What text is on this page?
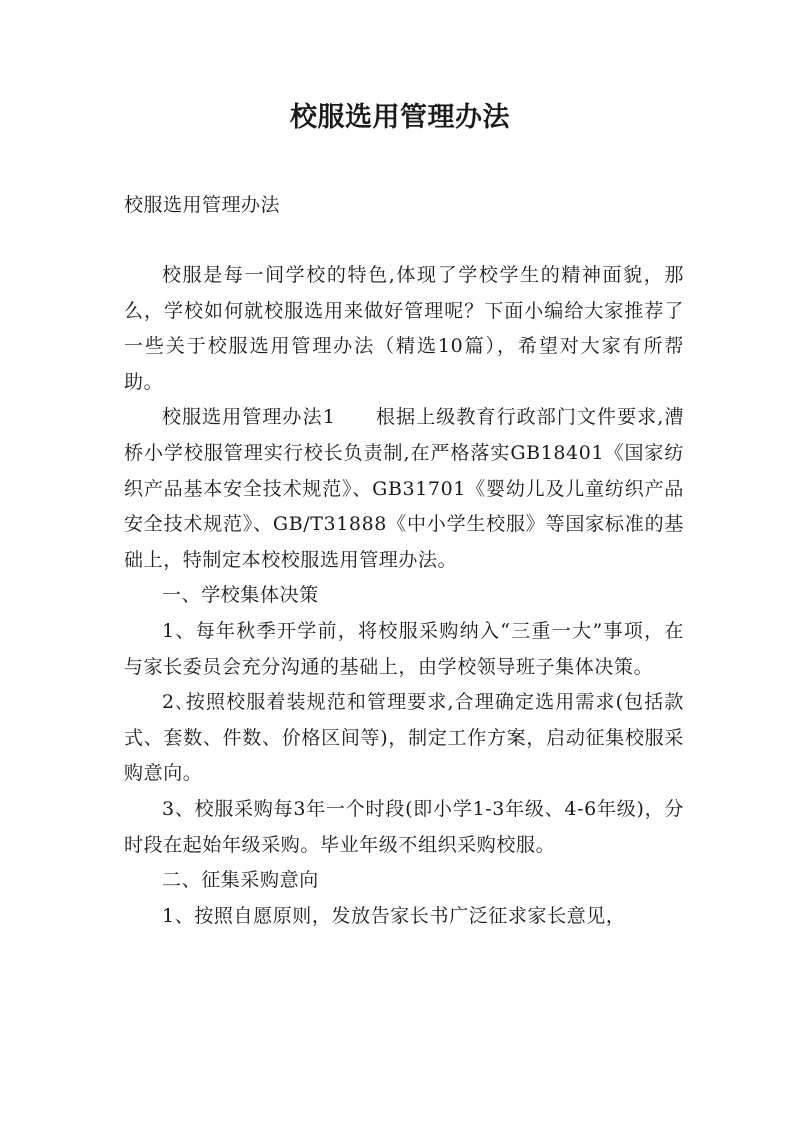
校服选用管理办法
校服选用管理办法

校服是每一间学校的特色,体现了学校学生的精神面貌，那么，学校如何就校服选用来做好管理呢？下面小编给大家推荐了一些关于校服选用管理办法（精选10篇），希望对大家有所帮助。

校服选用管理办法1　　根据上级教育行政部门文件要求,漕桥小学校服管理实行校长负责制,在严格落实GB18401《国家纺织产品基本安全技术规范》、GB31701《婴幼儿及儿童纺织产品安全技术规范》、GB/T31888《中小学生校服》等国家标准的基础上，特制定本校校服选用管理办法。

一、学校集体决策

1、每年秋季开学前，将校服采购纳入“三重一大”事项，在与家长委员会充分沟通的基础上，由学校领导班子集体决策。

2､按照校服着装规范和管理要求,合理确定选用需求(包括款式、套数、件数、价格区间等)，制定工作方案，启动征集校服采购意向。

3、校服采购每3年一个时段(即小学1-3年级、4-6年级)，分时段在起始年级采购。毕业年级不组织采购校服。

二、征集采购意向

1、按照自愿原则，发放告家长书广泛征求家长意见，
